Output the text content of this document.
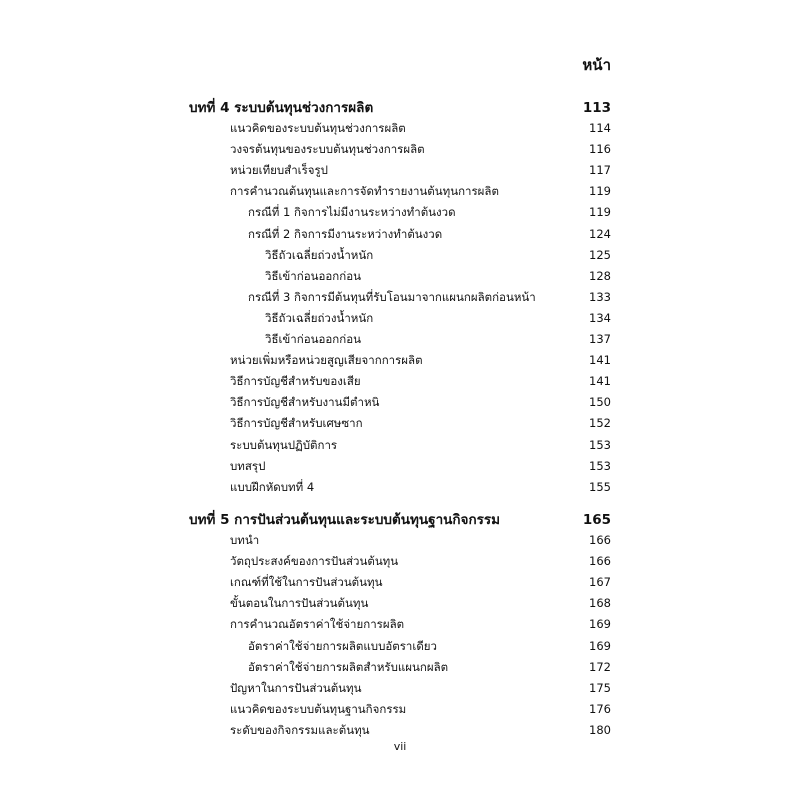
หน้า
บทที่ 4 ระบบต้นทุนช่วงการผลิต	113
แนวคิดของระบบต้นทุนช่วงการผลิต	114
วงจรต้นทุนของระบบต้นทุนช่วงการผลิต	116
หน่วยเทียบสำเร็จรูป	117
การคำนวณต้นทุนและการจัดทำรายงานต้นทุนการผลิต	119
กรณีที่ 1 กิจการไม่มีงานระหว่างทำต้นงวด	119
กรณีที่ 2 กิจการมีงานระหว่างทำต้นงวด	124
วิธีถัวเฉลี่ยถ่วงน้ำหนัก	125
วิธีเข้าก่อนออกก่อน	128
กรณีที่ 3 กิจการมีต้นทุนที่รับโอนมาจากแผนกผลิตก่อนหน้า	133
วิธีถัวเฉลี่ยถ่วงน้ำหนัก	134
วิธีเข้าก่อนออกก่อน	137
หน่วยเพิ่มหรือหน่วยสูญเสียจากการผลิต	141
วิธีการบัญชีสำหรับของเสีย	141
วิธีการบัญชีสำหรับงานมีตำหนิ	150
วิธีการบัญชีสำหรับเศษซาก	152
ระบบต้นทุนปฏิบัติการ	153
บทสรุป	153
แบบฝึกหัดบทที่ 4	155
บทที่ 5 การปันส่วนต้นทุนและระบบต้นทุนฐานกิจกรรม	165
บทนำ	166
วัตถุประสงค์ของการปันส่วนต้นทุน	166
เกณฑ์ที่ใช้ในการปันส่วนต้นทุน	167
ขั้นตอนในการปันส่วนต้นทุน	168
การคำนวณอัตราค่าใช้จ่ายการผลิต	169
อัตราค่าใช้จ่ายการผลิตแบบอัตราเดียว	169
อัตราค่าใช้จ่ายการผลิตสำหรับแผนกผลิต	172
ปัญหาในการปันส่วนต้นทุน	175
แนวคิดของระบบต้นทุนฐานกิจกรรม	176
ระดับของกิจกรรมและต้นทุน	180
vii
